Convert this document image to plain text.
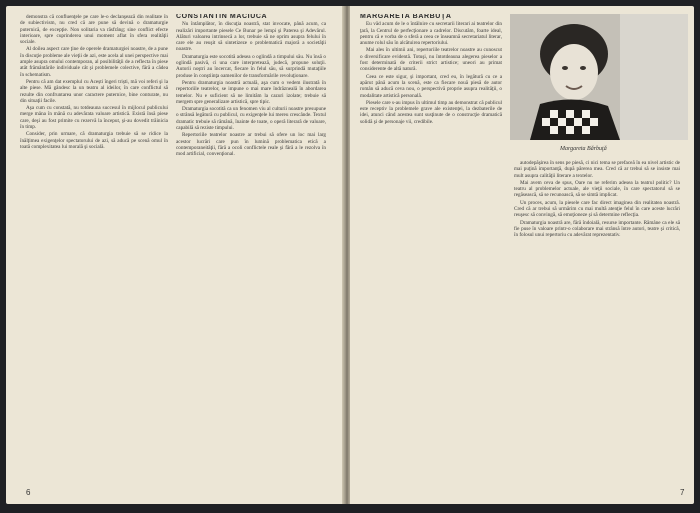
demonstra că confluenţele pe care le-o declanşează din realitate în de subiectivism, nu cred că are pune să devină o dramaturgie puternică, de excepţie. Non solitaria va răsfrâng; sine conflict efecte interioare, spre cuprinderea unui moment aflat în sfera realităţii sociale.

Al doilea aspect care ţine de operele dramaturgiei noastre, de a pune în discuţie probleme ale vieţii de azi, este acela al unei perspective mai ample asupra omului contemporan, al posibilităţii de a reflecta în piese atât frământările individuale cât şi problemele colective, fără a cădea în schematism.

Pentru că am dat exemplul cu Acești îngeri triști, mă voi referi şi la alte piese. Mă gândesc la un teatru al ideilor, în care conflictul să rezulte din confruntarea unor caractere puternice, bine conturate, nu din situaţii facile.

Aşa cum cu constată, nu totdeauna succesul în mijlocul publicului merge mâna în mână cu adevărata valoare artistică. Există însă piese care, deşi au fost primite cu rezervă la început, şi-au dovedit trăinicia în timp.

Consider, prin urmare, că dramaturgia trebuie să se ridice la înălţimea exigenţelor spectatorului de azi, să aducă pe scenă omul în toată complexitatea lui morală şi socială.

CONSTANTIN MACIUCĂ

Nu întâmplător, în discuţia noastră, stat invocate, până acum, ca realizări importante piesele Ce Bunar pe lempi şi Paterea şi Adevărul. Alături valoarea intrinsecă a lor, trebuie să ne oprim asupra felului în care ele au reuşit să sintetizeze o problematică majoră a societăţii noastre.

Dramaturgia este socotită adesea o oglindă a timpului său. Nu însă o oglindă pasivă, ci una care interpretează, judecă, propune soluţii. Autorii noştri au încercat, fiecare în felul său, să surprindă mutaţiile produse în conştiinţa oamenilor de transformările revoluţionare.

Pentru dramaturgia noastră actuală, aşa cum o vedem ilustrată în repertoriile teatrelor, se impune o mai mare îndrăzneală în abordarea temelor. Nu e suficient să ne limităm la cazuri izolate; trebuie să mergem spre generalizare artistică, spre tipic.

Dramaturgia socotită ca un fenomen viu al culturii noastre presupune o strânsă legătură cu publicul, cu exigenţele lui mereu crescânde. Textul dramatic trebuie să rămână, înainte de toate, o operă literară de valoare, capabilă să reziste timpului.

Repertoriile teatrelor noastre ar trebui să ofere un loc mai larg acestor lucrări care pun în lumină problematica etică a contemporaneităţii, fără a ocoli conflictele reale şi fără a le rezolva în mod artificial, convenţional.

6

MARGARETA BĂRBUŢĂ

Eu văd acum de le o întâlnire cu secretarii literari ai teatrelor din ţară, la Centrul de perfecţionare a cadrelor. Discutăm, foarte ideal, pentru că e vorba de o sferă a ceea ce înseamnă secretariatul literar, anume rolul său în alcătuirea repertoriului.

Mai ales în ultimii ani, repertoriile teatrelor noastre au cunoscut o diversificare evidentă. Totuşi, nu întotdeauna alegerea pieselor a fost determinată de criterii strict artistice; uneori au primat considerente de altă natură.

Ceea ce este sigur, şi important, cred eu, în legătură cu ce a apărut până acum la scenă, este ca fiecare nouă piesă de autor român să aducă ceva nou, o perspectivă proprie asupra realităţii, o modalitate artistică personală.

Piesele care s-au impus în ultimul timp au demonstrat că publicul este receptiv la problemele grave ale existenţei, la dezbaterile de idei, atunci când acestea sunt susţinute de o construcţie dramatică solidă şi de personaje vii, credibile.

Margareta Bărbuţă

autodepăşirea în sens pe piesă, ci nici tema se prefaceă în ea nivel artistic de mai puţină importanţă, după părerea mea. Cred că ar trebui să se insiste mai mult asupra calităţii literare a textelor.

Mai avem ceva de spus, Oare nu ne referim adesea la teatrul politic? Un teatru al problemelor actuale, ale vieţii sociale, în care spectatorul să se regăsească, să se recunoască, să se simtă implicat.

Un proces, acum, la piesele care fac direct imaginea din realitatea noastră. Cred că ar trebui să urmărim cu mai multă atenţie felul în care aceste lucrări reuşesc să convingă, să emoţioneze şi să determine reflecţia.

Dramaturgia noastră are, fără îndoială, resurse importante. Rămâne ca ele să fie puse în valoare printr-o colaborare mai strânsă între autori, teatre şi critică, în folosul unui repertoriu cu adevărat reprezentativ.

7
